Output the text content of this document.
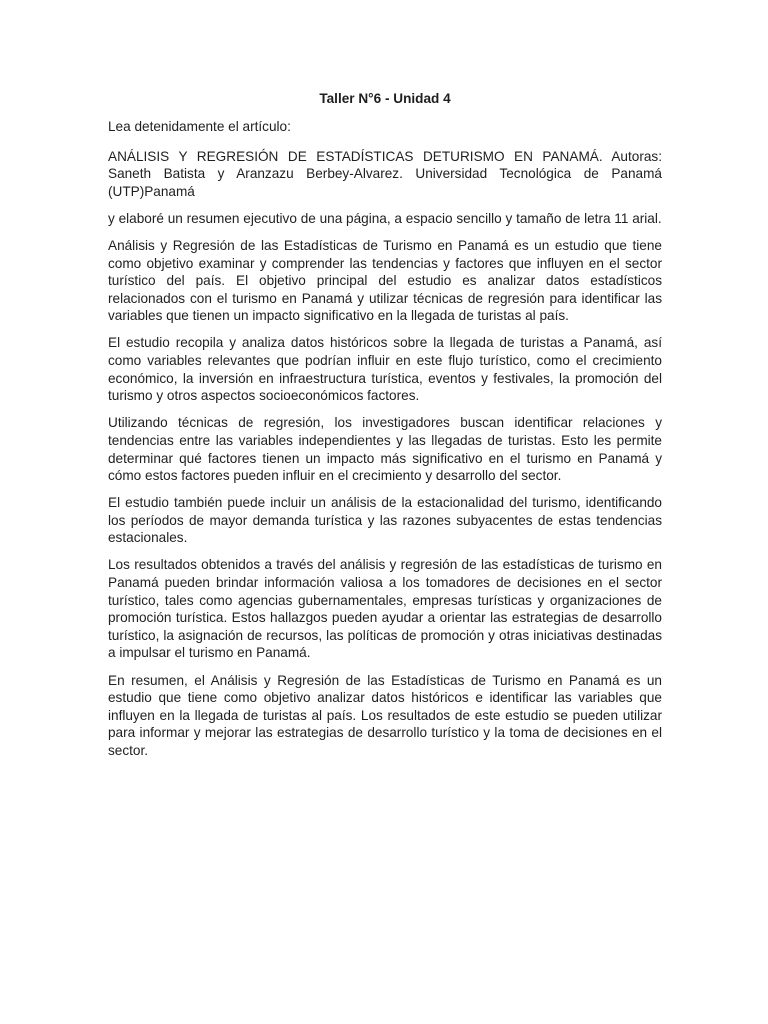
Taller N°6 - Unidad 4

Lea detenidamente el artículo:

ANÁLISIS Y REGRESIÓN DE ESTADÍSTICAS DETURISMO EN PANAMÁ. Autoras: Saneth Batista y Aranzazu Berbey-Alvarez. Universidad Tecnológica de Panamá (UTP)Panamá

y elaboré un resumen ejecutivo de una página, a espacio sencillo y tamaño de letra 11 arial.

Análisis y Regresión de las Estadísticas de Turismo en Panamá es un estudio que tiene como objetivo examinar y comprender las tendencias y factores que influyen en el sector turístico del país. El objetivo principal del estudio es analizar datos estadísticos relacionados con el turismo en Panamá y utilizar técnicas de regresión para identificar las variables que tienen un impacto significativo en la llegada de turistas al país.

El estudio recopila y analiza datos históricos sobre la llegada de turistas a Panamá, así como variables relevantes que podrían influir en este flujo turístico, como el crecimiento económico, la inversión en infraestructura turística, eventos y festivales, la promoción del turismo y otros aspectos socioeconómicos factores.

Utilizando técnicas de regresión, los investigadores buscan identificar relaciones y tendencias entre las variables independientes y las llegadas de turistas. Esto les permite determinar qué factores tienen un impacto más significativo en el turismo en Panamá y cómo estos factores pueden influir en el crecimiento y desarrollo del sector.

El estudio también puede incluir un análisis de la estacionalidad del turismo, identificando los períodos de mayor demanda turística y las razones subyacentes de estas tendencias estacionales.

Los resultados obtenidos a través del análisis y regresión de las estadísticas de turismo en Panamá pueden brindar información valiosa a los tomadores de decisiones en el sector turístico, tales como agencias gubernamentales, empresas turísticas y organizaciones de promoción turística. Estos hallazgos pueden ayudar a orientar las estrategias de desarrollo turístico, la asignación de recursos, las políticas de promoción y otras iniciativas destinadas a impulsar el turismo en Panamá.

En resumen, el Análisis y Regresión de las Estadísticas de Turismo en Panamá es un estudio que tiene como objetivo analizar datos históricos e identificar las variables que influyen en la llegada de turistas al país. Los resultados de este estudio se pueden utilizar para informar y mejorar las estrategias de desarrollo turístico y la toma de decisiones en el sector.
